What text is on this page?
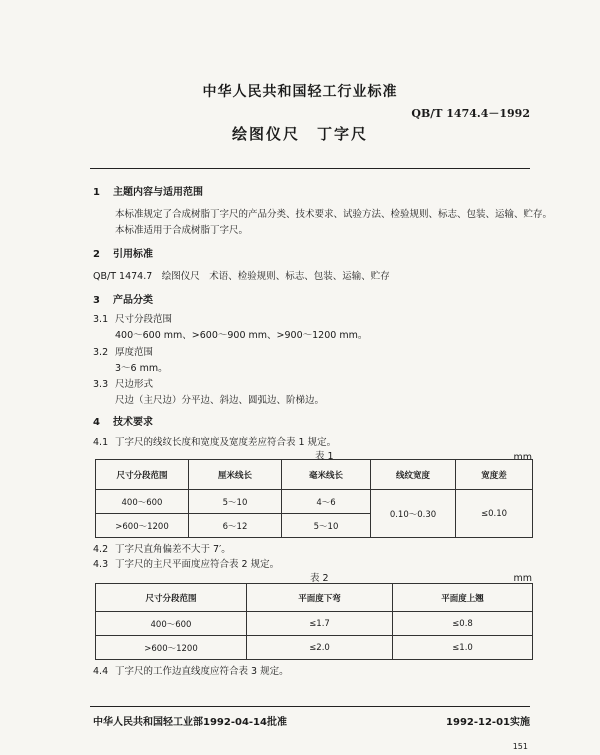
中华人民共和国轻工行业标准
QB/T 1474.4－1992
绘图仪尺　丁字尺
1 主题内容与适用范围
本标准规定了合成树脂丁字尺的产品分类、技术要求、试验方法、检验规则、标志、包装、运输、贮存。
本标准适用于合成树脂丁字尺。
2 引用标准
QB/T 1474.7　绘图仪尺　术语、检验规则、标志、包装、运输、贮存
3 产品分类
3.1 尺寸分段范围
400～600 mm、>600～900 mm、>900～1200 mm。
3.2 厚度范围
3～6 mm。
3.3 尺边形式
尺边（主尺边）分平边、斜边、圆弧边、阶梯边。
4 技术要求
4.1 丁字尺的线纹长度和宽度及宽度差应符合表 1 规定。
表 1	mm
尺寸分段范围	厘米线长	毫米线长	线纹宽度	宽度差
400～600	5～10	4～6	0.10～0.30	≤0.10
>600～1200	6～12	5～10		
4.2 丁字尺直角偏差不大于 7′。
4.3 丁字尺的主尺平面度应符合表 2 规定。
表 2	mm
尺寸分段范围	平面度下弯	平面度上翘
400～600	≤1.7	≤0.8
>600～1200	≤2.0	≤1.0
4.4 丁字尺的工作边直线度应符合表 3 规定。
中华人民共和国轻工业部1992-04-14批准	1992-12-01实施
151
